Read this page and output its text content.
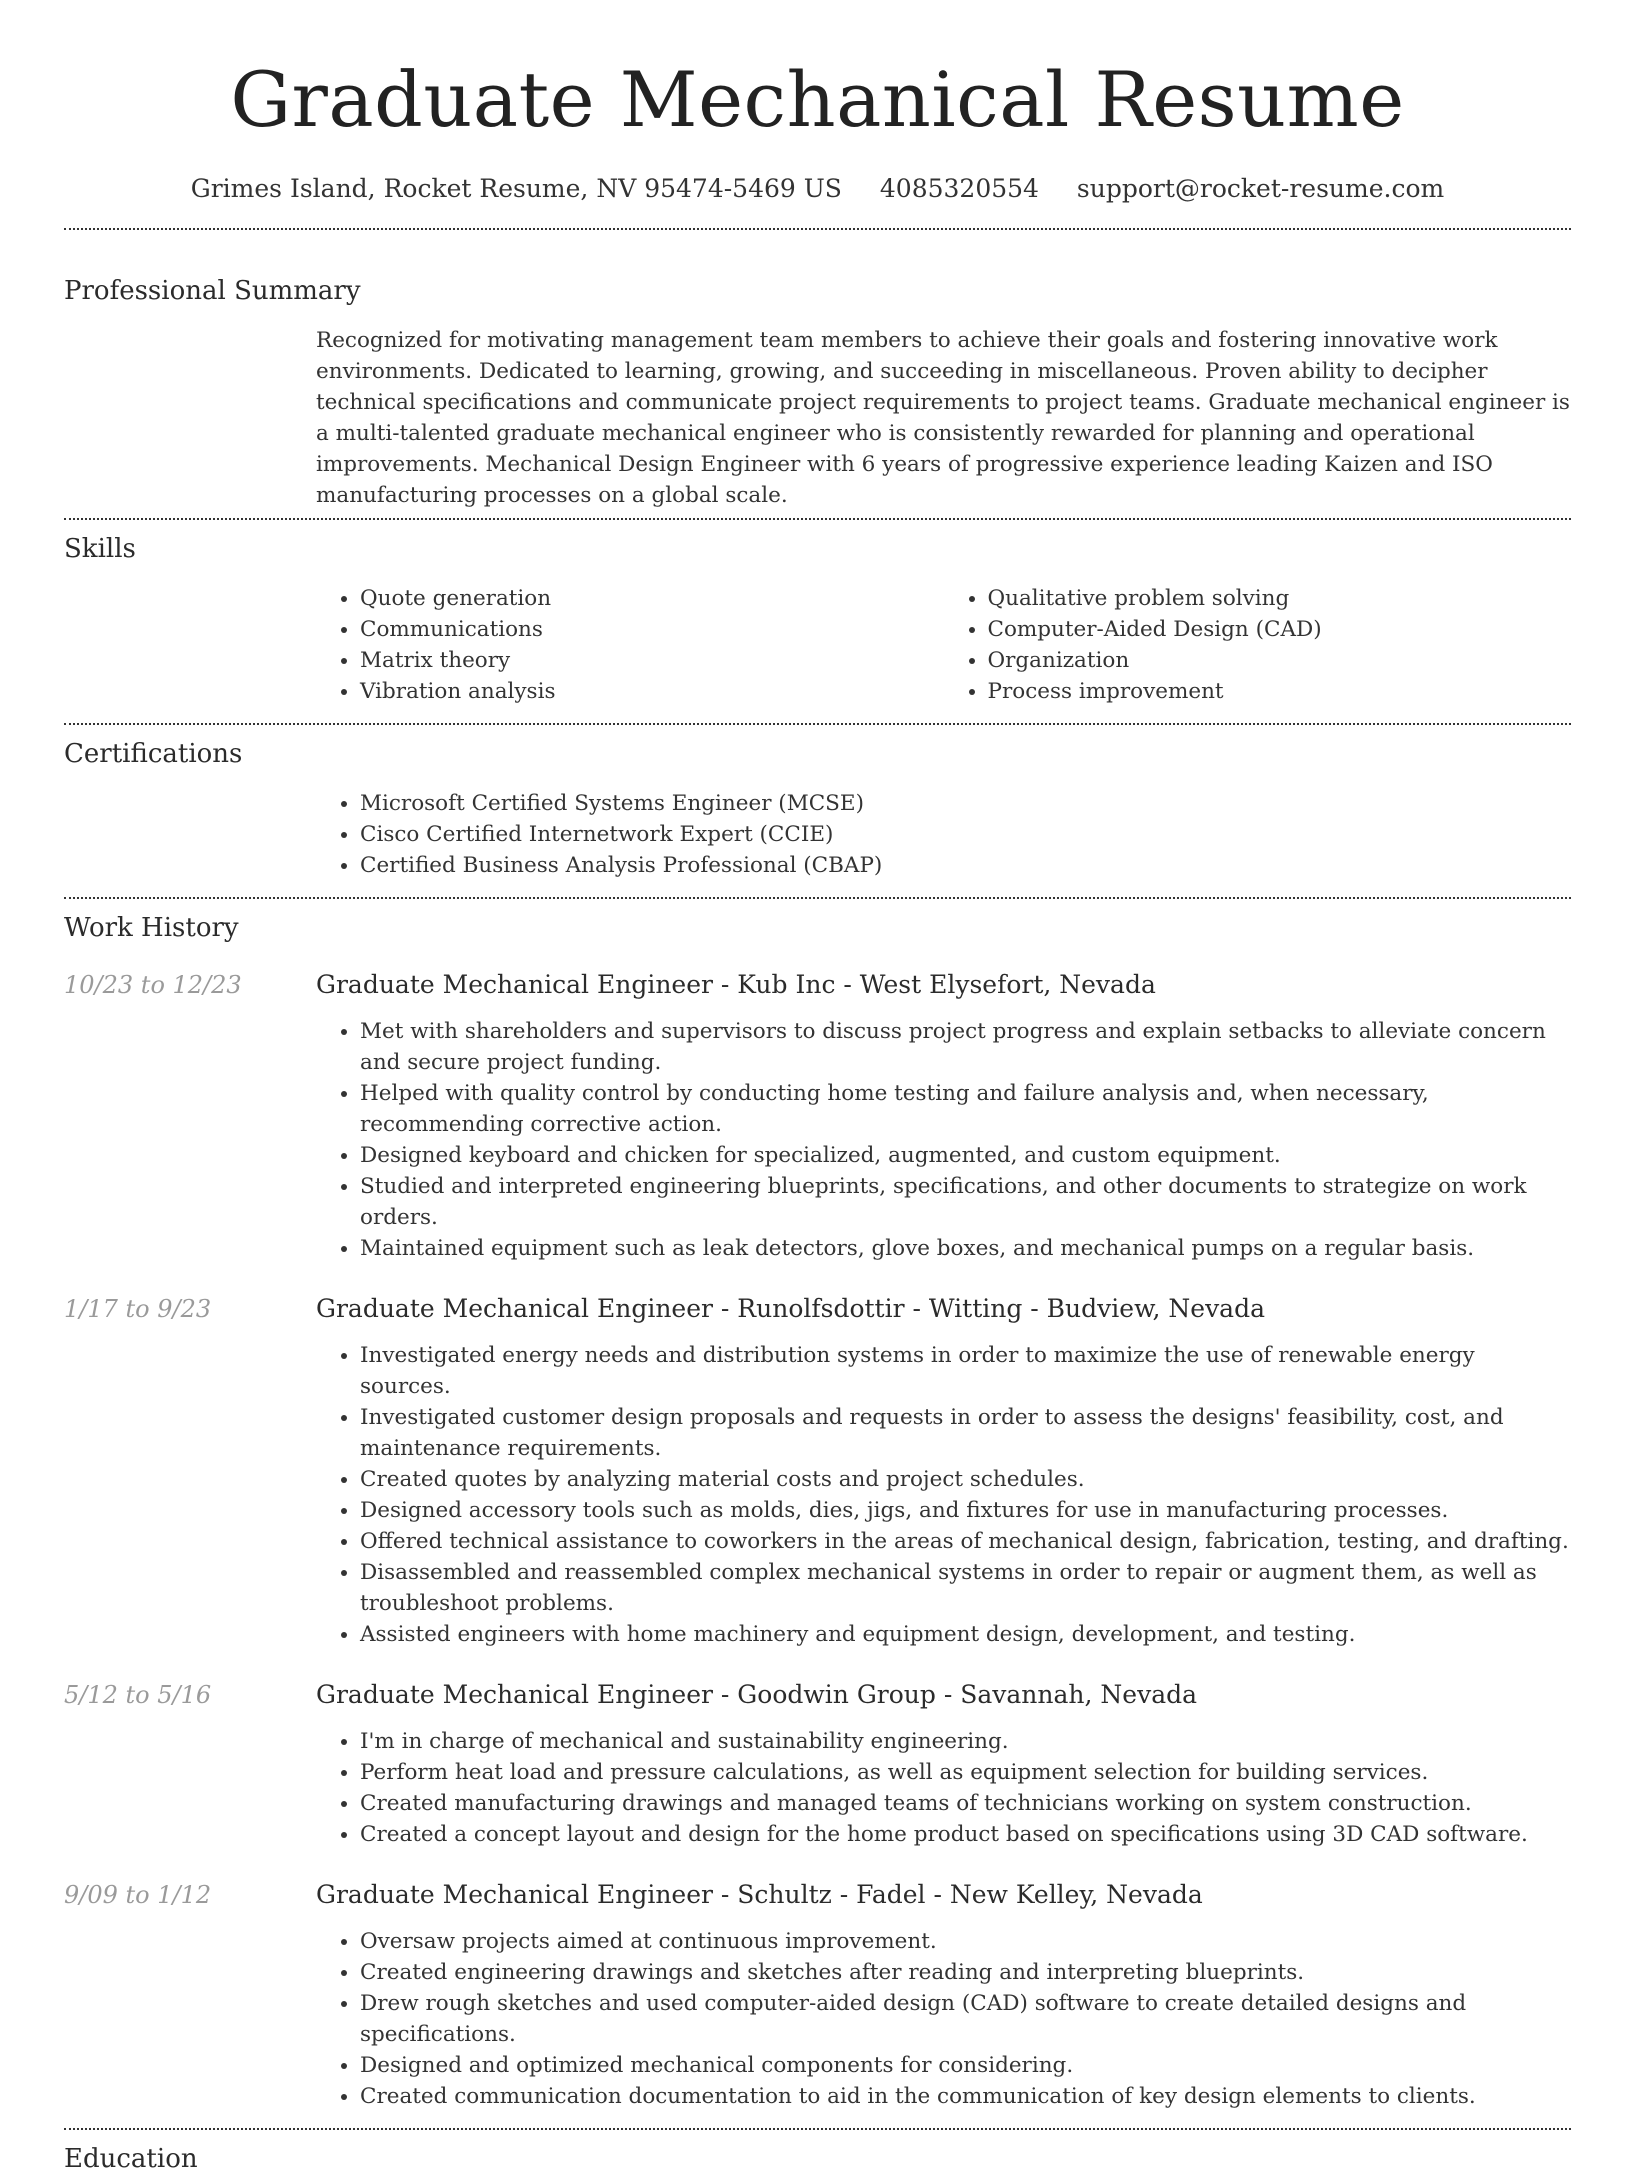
Graduate Mechanical Resume
Grimes Island, Rocket Resume, NV 95474-5469 US 4085320554 support@rocket-resume.com
Professional Summary

Recognized for motivating management team members to achieve their goals and fostering innovative work environments. Dedicated to learning, growing, and succeeding in miscellaneous. Proven ability to decipher technical specifications and communicate project requirements to project teams. Graduate mechanical engineer is a multi-talented graduate mechanical engineer who is consistently rewarded for planning and operational improvements. Mechanical Design Engineer with 6 years of progressive experience leading Kaizen and ISO manufacturing processes on a global scale.

Skills
• Quote generation
• Communications
• Matrix theory
• Vibration analysis
• Qualitative problem solving
• Computer-Aided Design (CAD)
• Organization
• Process improvement
Certifications
• Microsoft Certified Systems Engineer (MCSE)
• Cisco Certified Internetwork Expert (CCIE)
• Certified Business Analysis Professional (CBAP)
Work History
10/23 to 12/23	Graduate Mechanical Engineer - Kub Inc - West Elysefort, Nevada
• Met with shareholders and supervisors to discuss project progress and explain setbacks to alleviate concern and secure project funding.
• Helped with quality control by conducting home testing and failure analysis and, when necessary, recommending corrective action.
• Designed keyboard and chicken for specialized, augmented, and custom equipment.
• Studied and interpreted engineering blueprints, specifications, and other documents to strategize on work orders.
• Maintained equipment such as leak detectors, glove boxes, and mechanical pumps on a regular basis.
1/17 to 9/23	Graduate Mechanical Engineer - Runolfsdottir - Witting - Budview, Nevada
• Investigated energy needs and distribution systems in order to maximize the use of renewable energy sources.
• Investigated customer design proposals and requests in order to assess the designs' feasibility, cost, and maintenance requirements.
• Created quotes by analyzing material costs and project schedules.
• Designed accessory tools such as molds, dies, jigs, and fixtures for use in manufacturing processes.
• Offered technical assistance to coworkers in the areas of mechanical design, fabrication, testing, and drafting.
• Disassembled and reassembled complex mechanical systems in order to repair or augment them, as well as troubleshoot problems.
• Assisted engineers with home machinery and equipment design, development, and testing.
5/12 to 5/16	Graduate Mechanical Engineer - Goodwin Group - Savannah, Nevada
• I'm in charge of mechanical and sustainability engineering.
• Perform heat load and pressure calculations, as well as equipment selection for building services.
• Created manufacturing drawings and managed teams of technicians working on system construction.
• Created a concept layout and design for the home product based on specifications using 3D CAD software.
9/09 to 1/12	Graduate Mechanical Engineer - Schultz - Fadel - New Kelley, Nevada
• Oversaw projects aimed at continuous improvement.
• Created engineering drawings and sketches after reading and interpreting blueprints.
• Drew rough sketches and used computer-aided design (CAD) software to create detailed designs and specifications.
• Designed and optimized mechanical components for considering.
• Created communication documentation to aid in the communication of key design elements to clients.
Education
